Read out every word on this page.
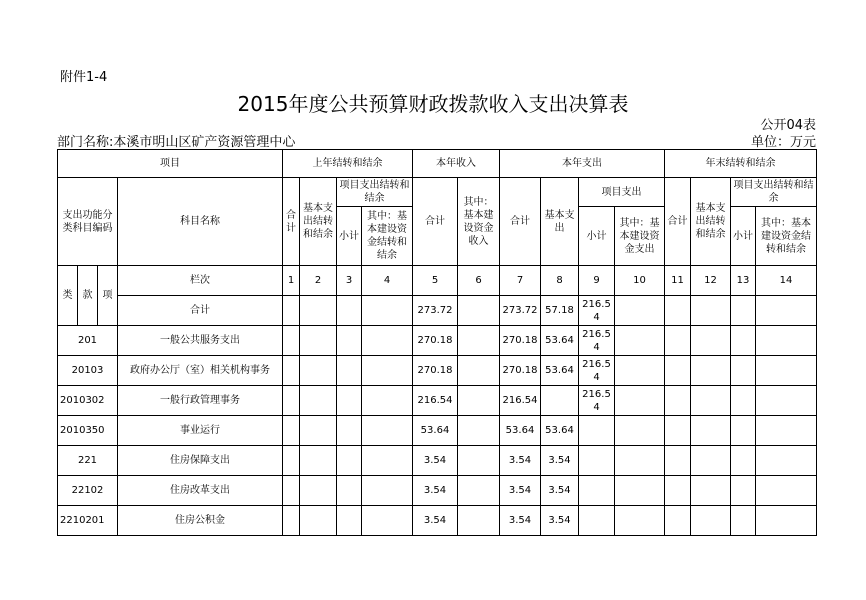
附件1-4
2015年度公共预算财政拨款收入支出决算表
公开04表
部门名称:本溪市明山区矿产资源管理中心	单位：万元
项目				上年结转和结余				本年收入		本年支出				年末结转和结余			
支出功能分类科目编码			科目名称	合计	基本支出结转和结余	项目支出结转和结余		合计	其中：基本建设资金收入	合计	基本支出	项目支出		合计	基本支出结转和结余	项目支出结转和结余	
						小计	其中：基本建设资金结转和结余					小计	其中：基本建设资金支出			小计	其中：基本建设资金结转和结余
类	款	项	栏次	1	2	3	4	5	6	7	8	9	10	11	12	13	14
			合计					273.72		273.72	57.18	216.54					
201			一般公共服务支出					270.18		270.18	53.64	216.54					
20103			政府办公厅（室）相关机构事务					270.18		270.18	53.64	216.54					
2010302			一般行政管理事务					216.54		216.54		216.54					
2010350			事业运行					53.64		53.64	53.64						
221			住房保障支出					3.54		3.54	3.54						
22102			住房改革支出					3.54		3.54	3.54						
2210201			住房公积金					3.54		3.54	3.54						
